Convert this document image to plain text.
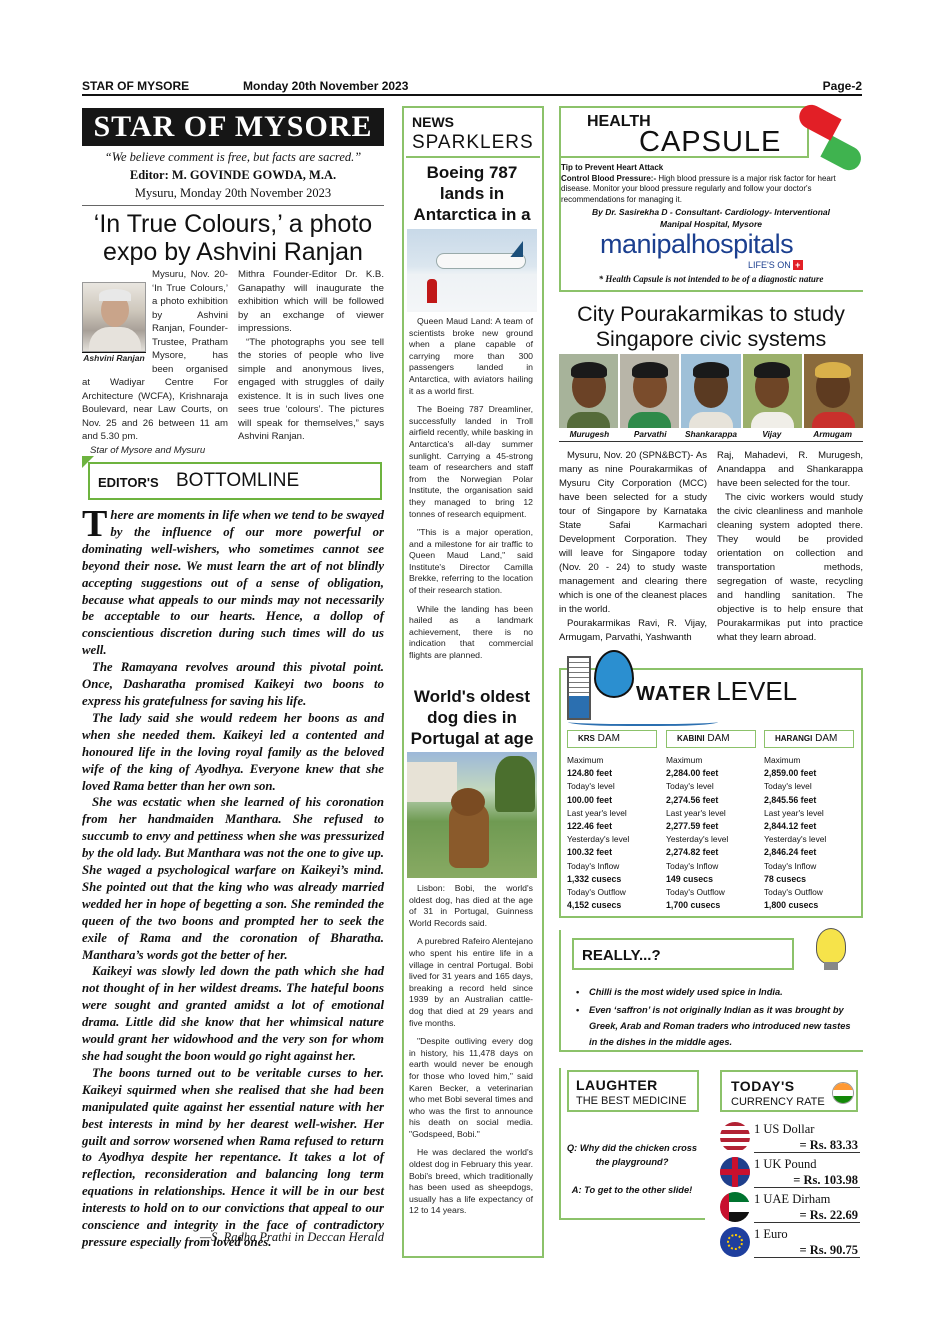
STAR OF MYSORE	Monday 20th November 2023	Page-2
STAR OF MYSORE
“We believe comment is free, but facts are sacred.”
Editor: M. GOVINDE GOWDA, M.A.
Mysuru, Monday 20th November 2023
‘In True Colours,’ a photo expo by Ashvini Ranjan
Ashvini Ranjan
Mysuru, Nov. 20- ‘In True Colours,’ a photo exhibition by Ashvini Ranjan, Founder-Trustee, Pratham Mysore, has been organised at Wadiyar Centre For Architecture (WCFA), Krishnaraja Boulevard, near Law Courts, on Nov. 25 and 26 between 11 am and 5.30 pm.
Star of Mysore and Mysuru
Mithra Founder-Editor Dr. K.B. Ganapathy will inaugurate the exhibition which will be followed by an exchange of viewer impressions.
“The photographs you see tell the stories of people who live simple and anonymous lives, engaged with struggles of daily existence. It is in such lives one sees true ‘colours’. The pictures will speak for themselves,” says Ashvini Ranjan.
EDITOR'S BOTTOMLINE

There are moments in life when we tend to be swayed by the influence of our more powerful or dominating well-wishers, who sometimes cannot see beyond their nose. We must learn the art of not blindly accepting suggestions out of a sense of obligation, because what appeals to our minds may not necessarily be acceptable to our hearts. Hence, a dollop of conscientious discretion during such times will do us well.

The Ramayana revolves around this pivotal point. Once, Dasharatha promised Kaikeyi two boons to express his gratefulness for saving his life.

The lady said she would redeem her boons as and when she needed them. Kaikeyi led a contented and honoured life in the loving royal family as the beloved wife of the king of Ayodhya. Everyone knew that she loved Rama better than her own son.

She was ecstatic when she learned of his coronation from her handmaiden Manthara. She refused to succumb to envy and pettiness when she was pressurized by the old lady. But Manthara was not the one to give up. She waged a psychological warfare on Kaikeyi’s mind. She pointed out that the king who was already married wedded her in hope of begetting a son. She reminded the queen of the two boons and prompted her to seek the exile of Rama and the coronation of Bharatha. Manthara’s words got the better of her.

Kaikeyi was slowly led down the path which she had not thought of in her wildest dreams. The hateful boons were sought and granted amidst a lot of emotional drama. Little did she know that her whimsical nature would grant her widowhood and the very son for whom she had sought the boon would go right against her.

The boons turned out to be veritable curses to her. Kaikeyi squirmed when she realised that she had been manipulated quite against her essential nature with her best interests in mind by her dearest well-wisher. Her guilt and sorrow worsened when Rama refused to return to Ayodhya despite her repentance. It takes a lot of reflection, reconsideration and balancing long term equations in relationships. Hence it will be in our best interests to hold on to our convictions that appeal to our conscience and integrity in the face of contradictory pressure especially from loved ones.

—S. Radha Prathi in Deccan Herald
NEWS
SPARKLERS
Boeing 787 lands in Antarctica in a

Queen Maud Land: A team of scientists broke new ground when a plane capable of carrying more than 300 passengers landed in Antarctica, with aviators hailing it as a world first.

The Boeing 787 Dreamliner, successfully landed in Troll airfield recently, while basking in Antarctica's all-day summer sunlight. Carrying a 45-strong team of researchers and staff from the Norwegian Polar Institute, the organisation said they managed to bring 12 tonnes of research equipment.

"This is a major operation, and a milestone for air traffic to Queen Maud Land," said Institute's Director Camilla Brekke, referring to the location of their research station.

While the landing has been hailed as a landmark achievement, there is no indication that commercial flights are planned.

World's oldest dog dies in Portugal at age

Lisbon: Bobi, the world's oldest dog, has died at the age of 31 in Portugal, Guinness World Records said.

A purebred Rafeiro Alentejano who spent his entire life in a village in central Portugal. Bobi lived for 31 years and 165 days, breaking a record held since 1939 by an Australian cattle-dog that died at 29 years and five months.

"Despite outliving every dog in history, his 11,478 days on earth would never be enough for those who loved him," said Karen Becker, a veterinarian who met Bobi several times and who was the first to announce his death on social media. "Godspeed, Bobi."

He was declared the world's oldest dog in February this year. Bobi's breed, which traditionally has been used as sheepdogs, usually has a life expectancy of 12 to 14 years.

HEALTH
CAPSULE
Tip to Prevent Heart Attack
Control Blood Pressure:- High blood pressure is a major risk factor for heart disease. Monitor your blood pressure regularly and follow your doctor's recommendations for managing it.
By Dr. Sasirekha D - Consultant- Cardiology- Interventional
Manipal Hospital, Mysore
manipalhospitals
LIFE'S ON +
* Health Capsule is not intended to be of a diagnostic nature
City Pourakarmikas to study Singapore civic systems
Murugesh	Parvathi	Shankarappa	Vijay	Armugam

Mysuru, Nov. 20 (SPN&BCT)- As many as nine Pourakarmikas of Mysuru City Corporation (MCC) have been selected for a study tour of Singapore by Karnataka State Safai Karmachari Development Corporation. They will leave for Singapore today (Nov. 20 - 24) to study waste management and clearing there which is one of the cleanest places in the world.

Pourakarmikas Ravi, R. Vijay, Armugam, Parvathi, Yashwanth

Raj, Mahadevi, R. Murugesh, Anandappa and Shankarappa have been selected for the tour.

The civic workers would study the civic cleanliness and manhole cleaning system adopted there. They would be provided orientation on collection and transportation methods, segregation of waste, recycling and handling sanitation. The objective is to help ensure that Pourakarmikas put into practice what they learn abroad.

WATER LEVEL
KRS DAM
Maximum
124.80 feet
Today's level
100.00 feet
Last year's level
122.46 feet
Yesterday's level
100.32 feet
Today's Inflow
1,332 cusecs
Today's Outflow
4,152 cusecs
KABINI DAM
Maximum
2,284.00 feet
Today's level
2,274.56 feet
Last year's level
2,277.59 feet
Yesterday's level
2,274.82 feet
Today's Inflow
149 cusecs
Today's Outflow
1,700 cusecs
HARANGI DAM
Maximum
2,859.00 feet
Today's level
2,845.56 feet
Last year's level
2,844.12 feet
Yesterday's level
2,846.24 feet
Today's Inflow
78 cusecs
Today's Outflow
1,800 cusecs
REALLY...?
• Chilli is the most widely used spice in India.
• Even ‘saffron’ is not originally Indian as it was brought by Greek, Arab and Roman traders who introduced new tastes in the dishes in the middle ages.
LAUGHTER
THE BEST MEDICINE
Q: Why did the chicken cross the playground?
A: To get to the other slide!
TODAY'S
CURRENCY RATE
1 US Dollar
= Rs. 83.33
1 UK Pound
= Rs. 103.98
1 UAE Dirham
= Rs. 22.69
1 Euro
= Rs. 90.75
